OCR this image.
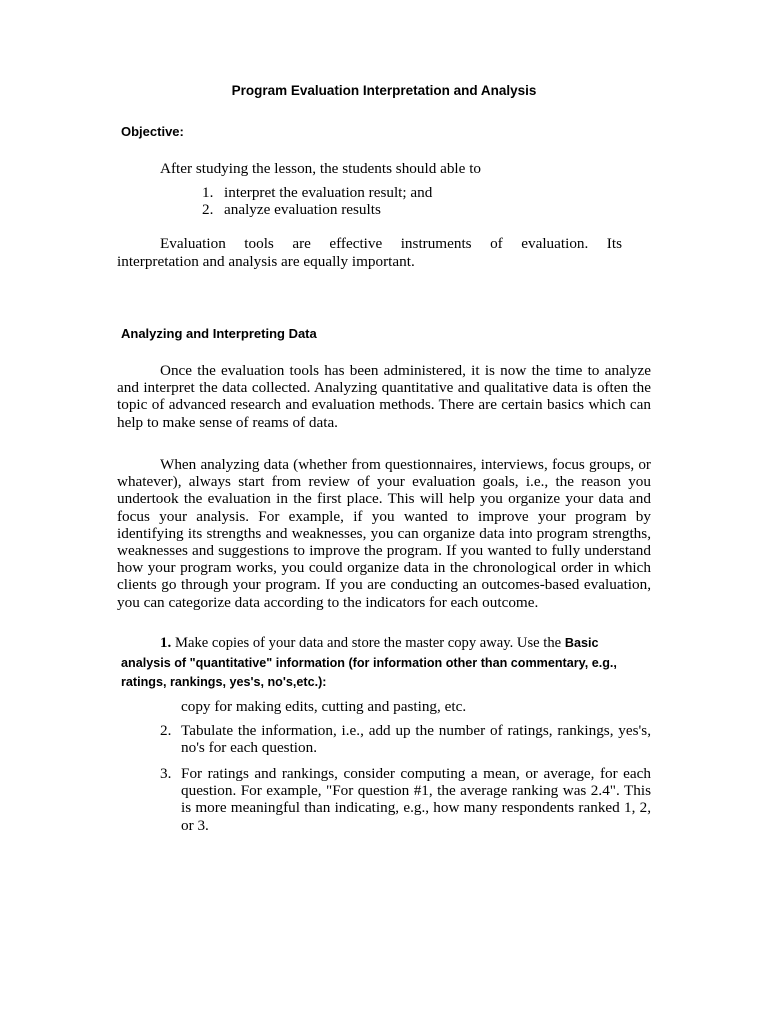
Program Evaluation Interpretation and Analysis
Objective:
After studying the lesson, the students should able to
1. interpret the evaluation result; and
2. analyze evaluation results
Evaluation tools are effective instruments of evaluation. Its
interpretation and analysis are equally important.
Analyzing and Interpreting Data
Once the evaluation tools has been administered, it is now the time to analyze and interpret the data collected. Analyzing quantitative and qualitative data is often the topic of advanced research and evaluation methods. There are certain basics which can help to make sense of reams of data.
When analyzing data (whether from questionnaires, interviews, focus groups, or whatever), always start from review of your evaluation goals, i.e., the reason you undertook the evaluation in the first place. This will help you organize your data and focus your analysis. For example, if you wanted to improve your program by identifying its strengths and weaknesses, you can organize data into program strengths, weaknesses and suggestions to improve the program. If you wanted to fully understand how your program works, you could organize data in the chronological order in which clients go through your program. If you are conducting an outcomes-based evaluation, you can categorize data according to the indicators for each outcome.
1. Make copies of your data and store the master copy away. Use the Basic
analysis of "quantitative" information (for information other than commentary, e.g.,
ratings, rankings, yes's, no's,etc.):
copy for making edits, cutting and pasting, etc.
2. Tabulate the information, i.e., add up the number of ratings, rankings, yes's, no's for each question.
3. For ratings and rankings, consider computing a mean, or average, for each question. For example, "For question #1, the average ranking was 2.4". This is more meaningful than indicating, e.g., how many respondents ranked 1, 2, or 3.
